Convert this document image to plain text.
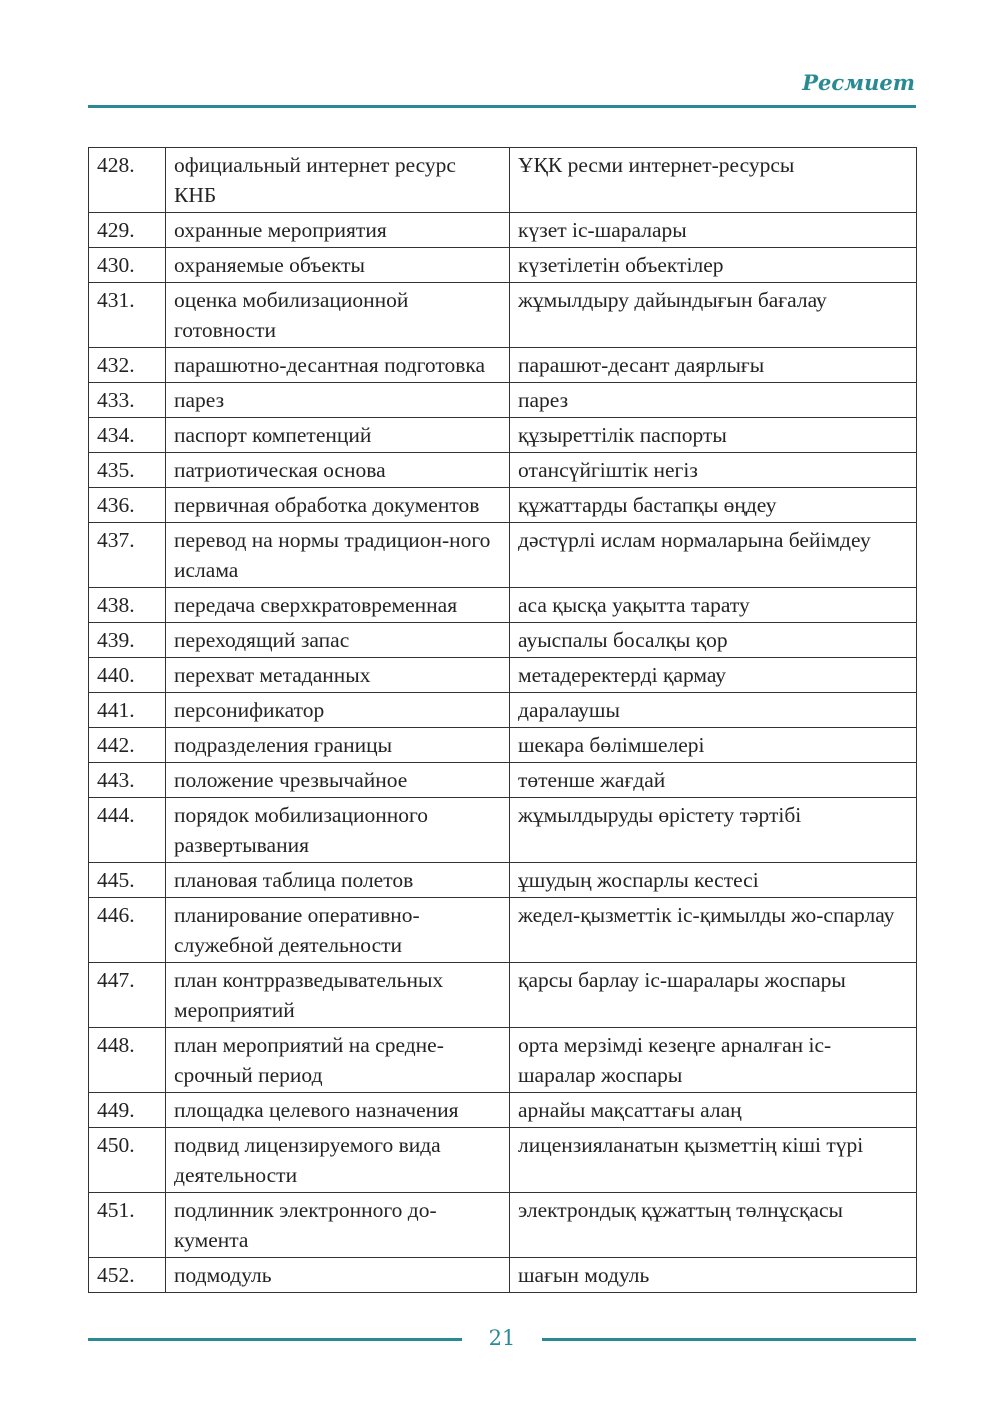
Ресмиет
428.	официальный интернет ресурс КНБ	ҰҚК ресми интернет-ресурсы
429.	охранные мероприятия	күзет іс-шаралары
430.	охраняемые объекты	күзетілетін объектілер
431.	оценка мобилизационной готовности	жұмылдыру дайындығын бағалау
432.	парашютно-десантная подготовка	парашют-десант даярлығы
433.	парез	парез
434.	паспорт компетенций	құзыреттілік паспорты
435.	патриотическая основа	отансүйгіштік негіз
436.	первичная обработка документов	құжаттарды бастапқы өңдеу
437.	перевод на нормы традицион-ного ислама	дәстүрлі ислам нормаларына бейімдеу
438.	передача сверхкратовременная	аса қысқа уақытта тарату
439.	переходящий запас	ауыспалы босалқы қор
440.	перехват метаданных	метадеректерді қармау
441.	персонификатор	даралаушы
442.	подразделения границы	шекара бөлімшелері
443.	положение чрезвычайное	төтенше жағдай
444.	порядок мобилизационного развертывания	жұмылдыруды өрістету тәртібі
445.	плановая таблица полетов	ұшудың жоспарлы кестесі
446.	планирование оперативно-служебной деятельности	жедел-қызметтік іс-қимылды жо-спарлау
447.	план контрразведывательных мероприятий	қарсы барлау іс-шаралары жоспары
448.	план мероприятий на средне-срочный период	орта мерзімді кезеңге арналған іс-шаралар жоспары
449.	площадка целевого назначения	арнайы мақсаттағы алаң
450.	подвид лицензируемого вида деятельности	лицензияланатын қызметтің кіші түрі
451.	подлинник электронного до-кумента	электрондық құжаттың төлнұсқасы
452.	подмодуль	шағын модуль
21
